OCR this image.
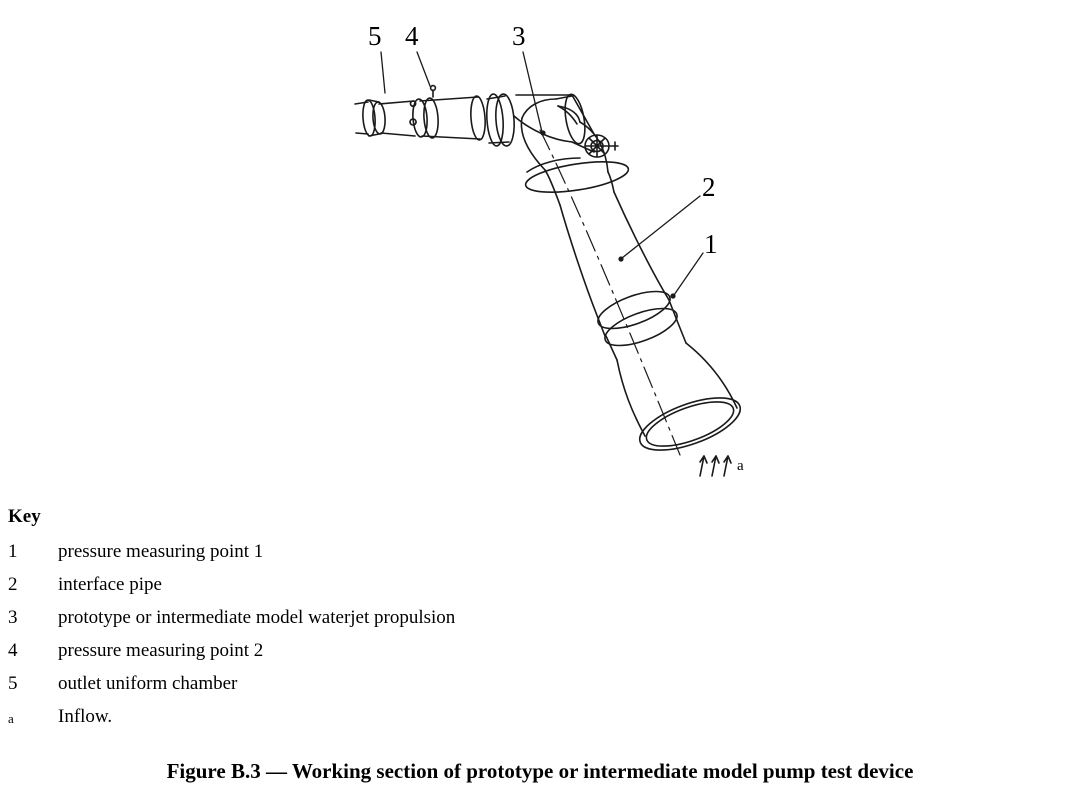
5 4	3
2
1
a
Key
1	pressure measuring point 1
2	interface pipe
3	prototype or intermediate model waterjet propulsion
4	pressure measuring point 2
5	outlet uniform chamber
a	Inflow.
Figure B.3 — Working section of prototype or intermediate model pump test device
